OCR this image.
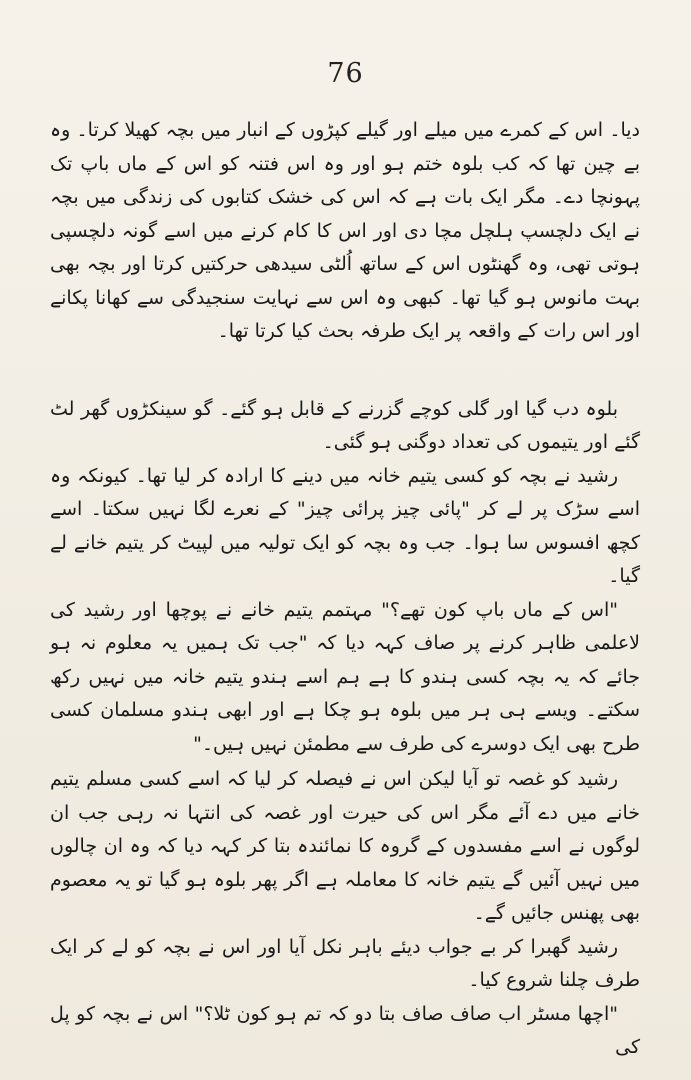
76

دیا۔ اس کے کمرے میں میلے اور گیلے کپڑوں کے انبار میں بچہ کھیلا کرتا۔ وہ بے چین تھا کہ کب بلوہ ختم ہو اور وہ اس فتنہ کو اس کے ماں باپ تک پہونچا دے۔ مگر ایک بات ہے کہ اس کی خشک کتابوں کی زندگی میں بچہ نے ایک دلچسپ ہلچل مچا دی اور اس کا کام کرنے میں اسے گونہ دلچسپی ہوتی تھی، وہ گھنٹوں اس کے ساتھ اُلٹی سیدھی حرکتیں کرتا اور بچہ بھی بہت مانوس ہو گیا تھا۔ کبھی وہ اس سے نہایت سنجیدگی سے کھانا پکانے اور اس رات کے واقعہ پر ایک طرفہ بحث کیا کرتا تھا۔

بلوہ دب گیا اور گلی کوچے گزرنے کے قابل ہو گئے۔ گو سینکڑوں گھر لٹ گئے اور یتیموں کی تعداد دوگنی ہو گئی۔

رشید نے بچہ کو کسی یتیم خانہ میں دینے کا ارادہ کر لیا تھا۔ کیونکہ وہ اسے سڑک پر لے کر "پائی چیز پرائی چیز" کے نعرے لگا نہیں سکتا۔ اسے کچھ افسوس سا ہوا۔ جب وہ بچہ کو ایک تولیہ میں لپیٹ کر یتیم خانے لے گیا۔

"اس کے ماں باپ کون تھے؟" مہتمم یتیم خانے نے پوچھا اور رشید کی لاعلمی ظاہر کرنے پر صاف کہہ دیا کہ "جب تک ہمیں یہ معلوم نہ ہو جائے کہ یہ بچہ کسی ہندو کا ہے ہم اسے ہندو یتیم خانہ میں نہیں رکھ سکتے۔ ویسے ہی ہر میں بلوہ ہو چکا ہے اور ابھی ہندو مسلمان کسی طرح بھی ایک دوسرے کی طرف سے مطمئن نہیں ہیں۔"

رشید کو غصہ تو آیا لیکن اس نے فیصلہ کر لیا کہ اسے کسی مسلم یتیم خانے میں دے آئے مگر اس کی حیرت اور غصہ کی انتہا نہ رہی جب ان لوگوں نے اسے مفسدوں کے گروہ کا نمائندہ بتا کر کہہ دیا کہ وہ ان چالوں میں نہیں آئیں گے یتیم خانہ کا معاملہ ہے اگر پھر بلوہ ہو گیا تو یہ معصوم بھی پھنس جائیں گے۔

رشید گھبرا کر بے جواب دیئے باہر نکل آیا اور اس نے بچہ کو لے کر ایک طرف چلنا شروع کیا۔

"اچھا مسٹر اب صاف صاف بتا دو کہ تم ہو کون ٹلا؟" اس نے بچہ کو پل کی
